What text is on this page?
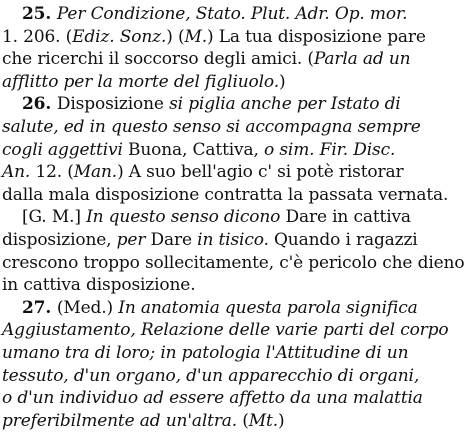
25. Per Condizione, Stato. Plut. Adr. Op. mor.
1. 206. (Ediz. Sonz.) (M.) La tua disposizione pare
che ricerchi il soccorso degli amici. (Parla ad un
afflitto per la morte del figliuolo.)
26. Disposizione si piglia anche per Istato di
salute, ed in questo senso si accompagna sempre
cogli aggettivi Buona, Cattiva, o sim. Fir. Disc.
An. 12. (Man.) A suo bell'agio c' si potè ristorar
dalla mala disposizione contratta la passata vernata.
[G. M.] In questo senso dicono Dare in cattiva
disposizione, per Dare in tisico. Quando i ragazzi
crescono troppo sollecitamente, c'è pericolo che dieno
in cattiva disposizione.
27. (Med.) In anatomia questa parola significa
Aggiustamento, Relazione delle varie parti del corpo
umano tra di loro; in patologia l'Attitudine di un
tessuto, d'un organo, d'un apparecchio di organi,
o d'un individuo ad essere affetto da una malattia
preferibilmente ad un'altra. (Mt.)
